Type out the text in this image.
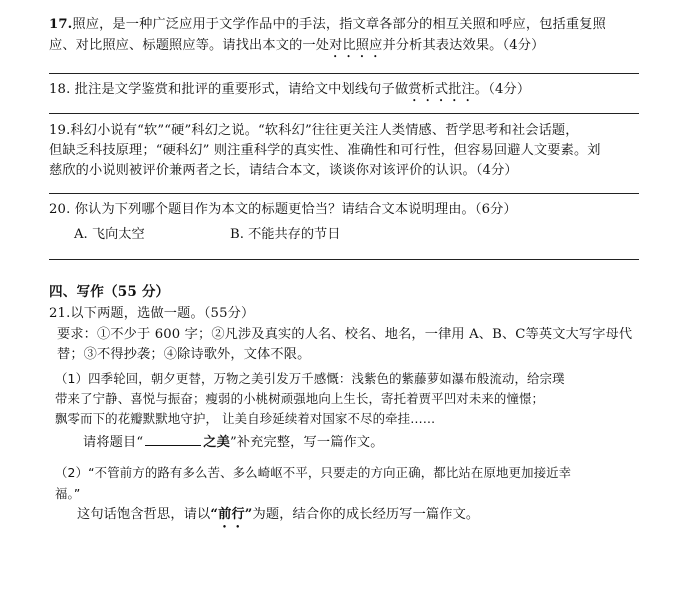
17.照应，是一种广泛应用于文学作品中的手法，指文章各部分的相互关照和呼应，包括重复照
应、对比照应、标题照应等。请找出本文的一处对比照应并分析其表达效果。（4分）
18. 批注是文学鉴赏和批评的重要形式，请给文中划线句子做赏析式批注。（4分）
19.科幻小说有“软”“硬”科幻之说。“软科幻”往往更关注人类情感、哲学思考和社会话题，
但缺乏科技原理；“硬科幻” 则注重科学的真实性、准确性和可行性，但容易回避人文要素。刘
慈欣的小说则被评价兼两者之长，请结合本文，谈谈你对该评价的认识。（4分）
20. 你认为下列哪个题目作为本文的标题更恰当？请结合文本说明理由。（6分）
A. 飞向太空	B. 不能共存的节日
四、写作（55 分）
21.以下两题，选做一题。（55分）
要求：①不少于 600 字；②凡涉及真实的人名、校名、地名，一律用 A、B、C等英文大写字母代
替；③不得抄袭；④除诗歌外，文体不限。
（1）四季轮回，朝夕更替，万物之美引发万千感慨：浅紫色的紫藤萝如瀑布般流动，给宗璞
带来了宁静、喜悦与振奋；瘦弱的小桃树顽强地向上生长，寄托着贾平凹对未来的憧憬；
飘零而下的花瓣默默地守护， 让美自珍延续着对国家不尽的牵挂……
请将题目“	之美”补充完整，写一篇作文。
（2）“不管前方的路有多么苦、多么崎岖不平，只要走的方向正确，都比站在原地更加接近幸
福。”
这句话饱含哲思，请以“前行”为题，结合你的成长经历写一篇作文。
